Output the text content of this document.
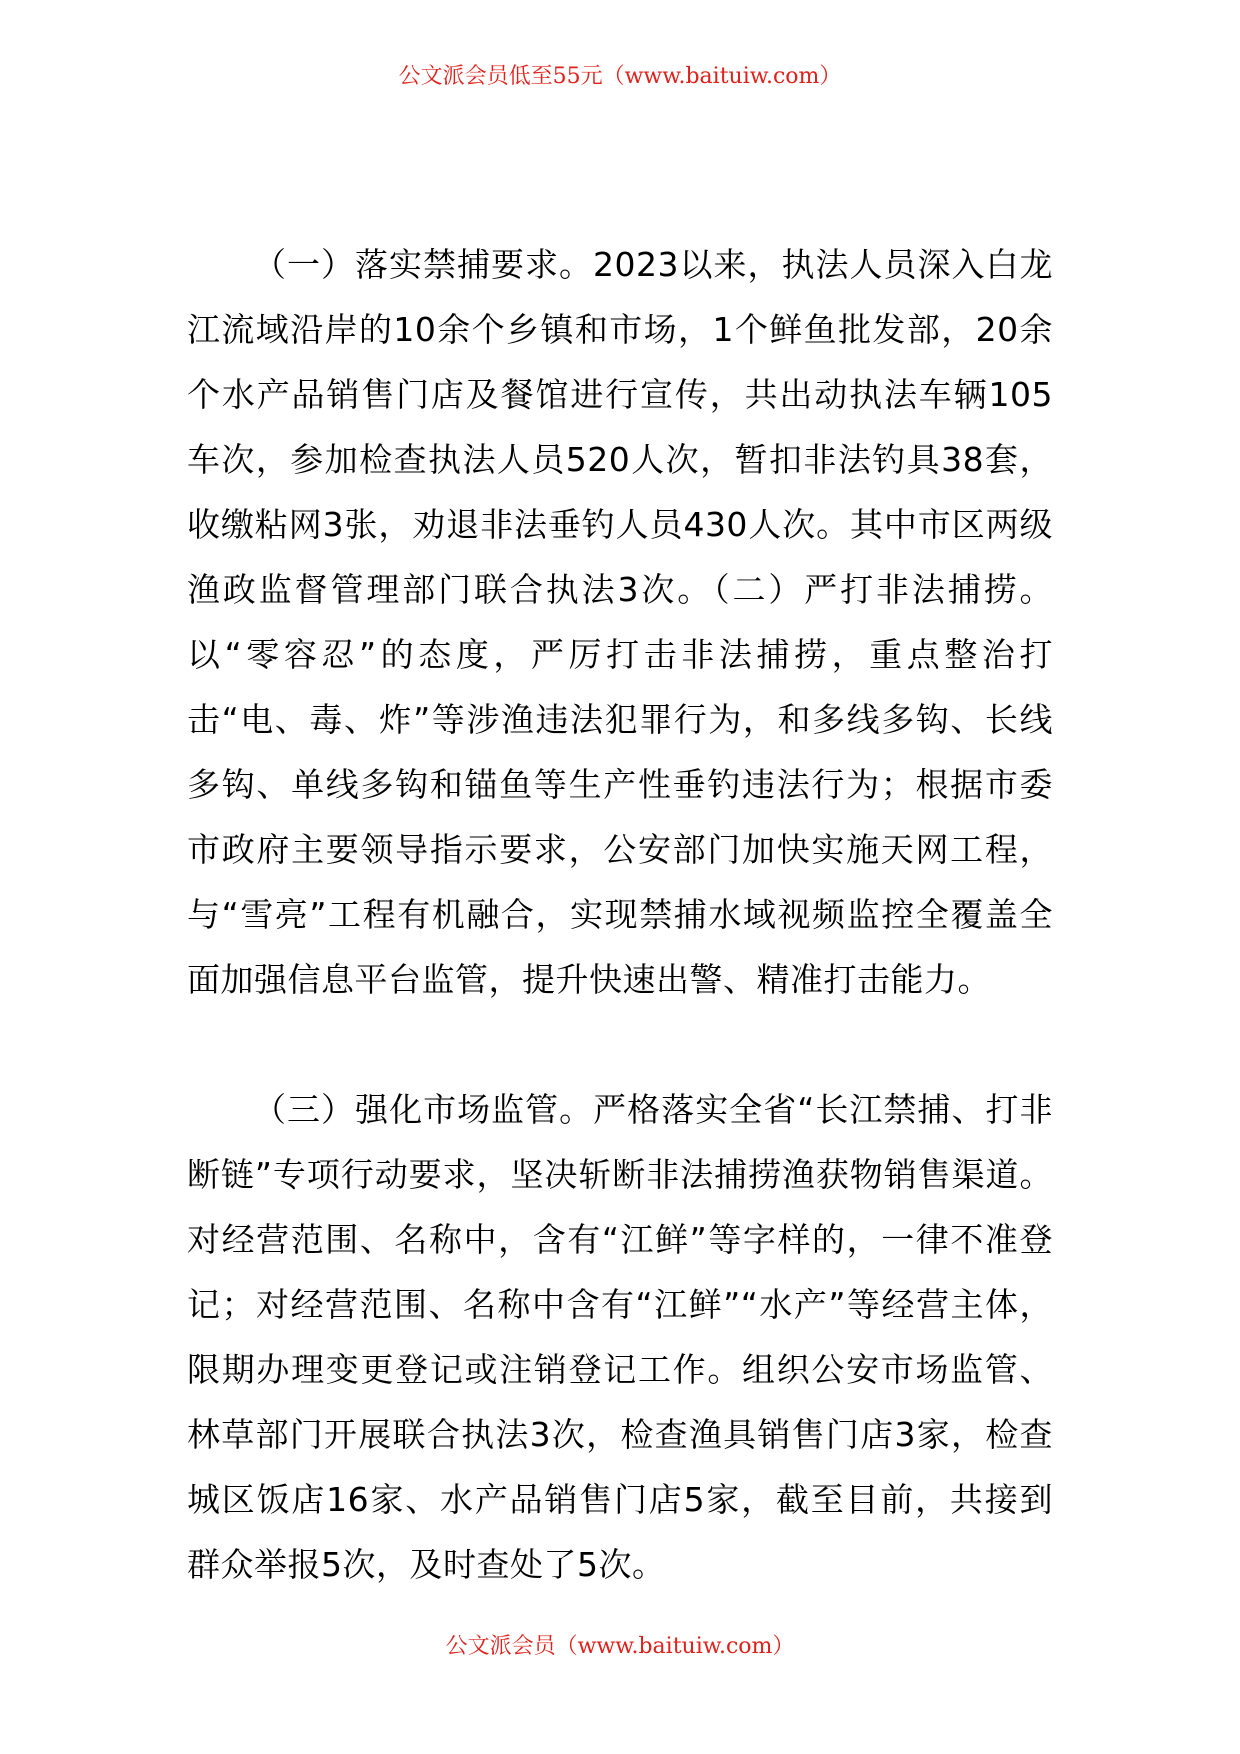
公文派会员低至55元（www.baituiw.com）

（一）落实禁捕要求。2023以来，执法人员深入白龙江流域沿岸的10余个乡镇和市场，1个鲜鱼批发部，20余个水产品销售门店及餐馆进行宣传，共出动执法车辆105车次，参加检查执法人员520人次，暂扣非法钓具38套，收缴粘网3张，劝退非法垂钓人员430人次。其中市区两级渔政监督管理部门联合执法3次。（二）严打非法捕捞。以“零容忍”的态度，严厉打击非法捕捞，重点整治打击“电、毒、炸”等涉渔违法犯罪行为，和多线多钩、长线多钩、单线多钩和锚鱼等生产性垂钓违法行为；根据市委市政府主要领导指示要求，公安部门加快实施天网工程，与“雪亮”工程有机融合，实现禁捕水域视频监控全覆盖全面加强信息平台监管，提升快速出警、精准打击能力。

（三）强化市场监管。严格落实全省“长江禁捕、打非断链”专项行动要求，坚决斩断非法捕捞渔获物销售渠道。对经营范围、名称中，含有“江鲜”等字样的，一律不准登记；对经营范围、名称中含有“江鲜”“水产”等经营主体，限期办理变更登记或注销登记工作。组织公安市场监管、林草部门开展联合执法3次，检查渔具销售门店3家，检查城区饭店16家、水产品销售门店5家，截至目前，共接到群众举报5次，及时查处了5次。

公文派会员（www.baituiw.com）
